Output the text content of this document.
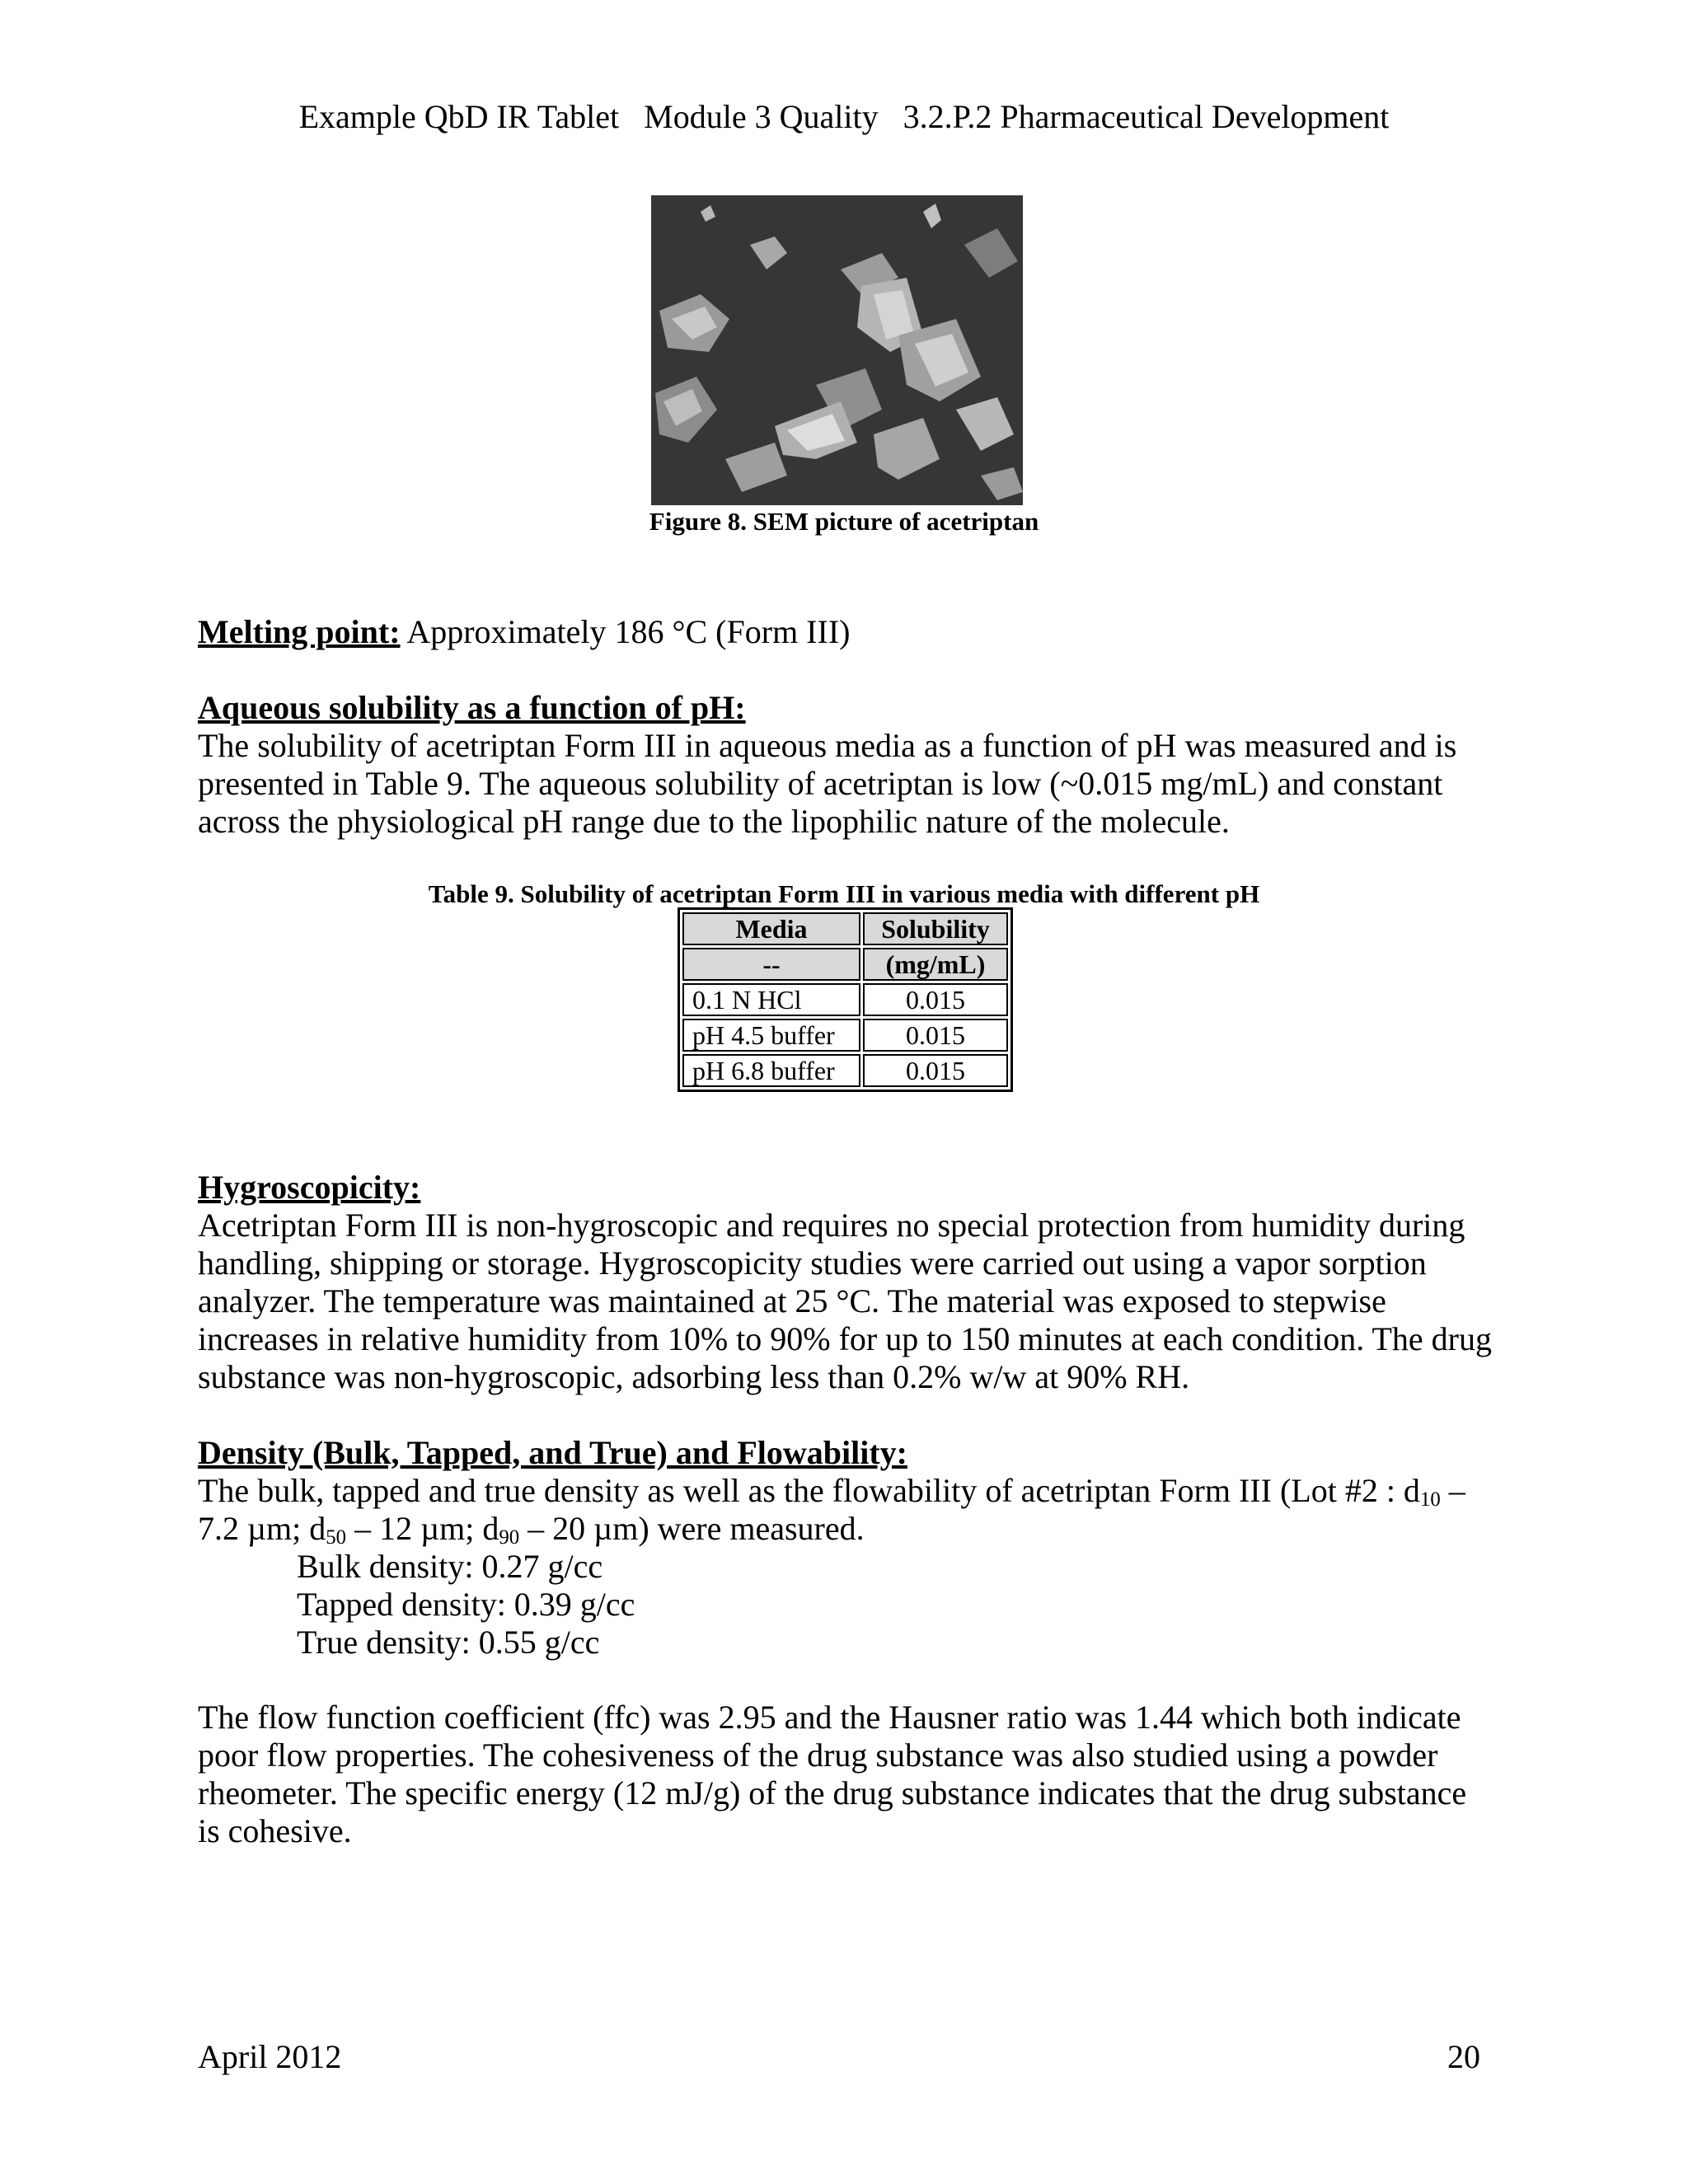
Example QbD IR Tablet   Module 3 Quality   3.2.P.2 Pharmaceutical Development
Figure 8. SEM picture of acetriptan
Melting point: Approximately 186 °C (Form III)
Aqueous solubility as a function of pH:
The solubility of acetriptan Form III in aqueous media as a function of pH was measured and is presented in Table 9. The aqueous solubility of acetriptan is low (~0.015 mg/mL) and constant across the physiological pH range due to the lipophilic nature of the molecule.
Table 9. Solubility of acetriptan Form III in various media with different pH
Media	Solubility
--	(mg/mL)
0.1 N HCl	0.015
pH 4.5 buffer	0.015
pH 6.8 buffer	0.015
Hygroscopicity:
Acetriptan Form III is non-hygroscopic and requires no special protection from humidity during handling, shipping or storage. Hygroscopicity studies were carried out using a vapor sorption analyzer. The temperature was maintained at 25 °C. The material was exposed to stepwise increases in relative humidity from 10% to 90% for up to 150 minutes at each condition. The drug substance was non-hygroscopic, adsorbing less than 0.2% w/w at 90% RH.
Density (Bulk, Tapped, and True) and Flowability:
The bulk, tapped and true density as well as the flowability of acetriptan Form III (Lot #2 : $d_{10} - 7.2$ µm; $d_{50} - 12$ µm; $d_{90} - 20$ µm) were measured.
Bulk density: 0.27 g/cc
Tapped density: 0.39 g/cc
True density: 0.55 g/cc
The flow function coefficient (ffc) was 2.95 and the Hausner ratio was 1.44 which both indicate poor flow properties. The cohesiveness of the drug substance was also studied using a powder rheometer. The specific energy (12 mJ/g) of the drug substance indicates that the drug substance is cohesive.
April 2012	20
